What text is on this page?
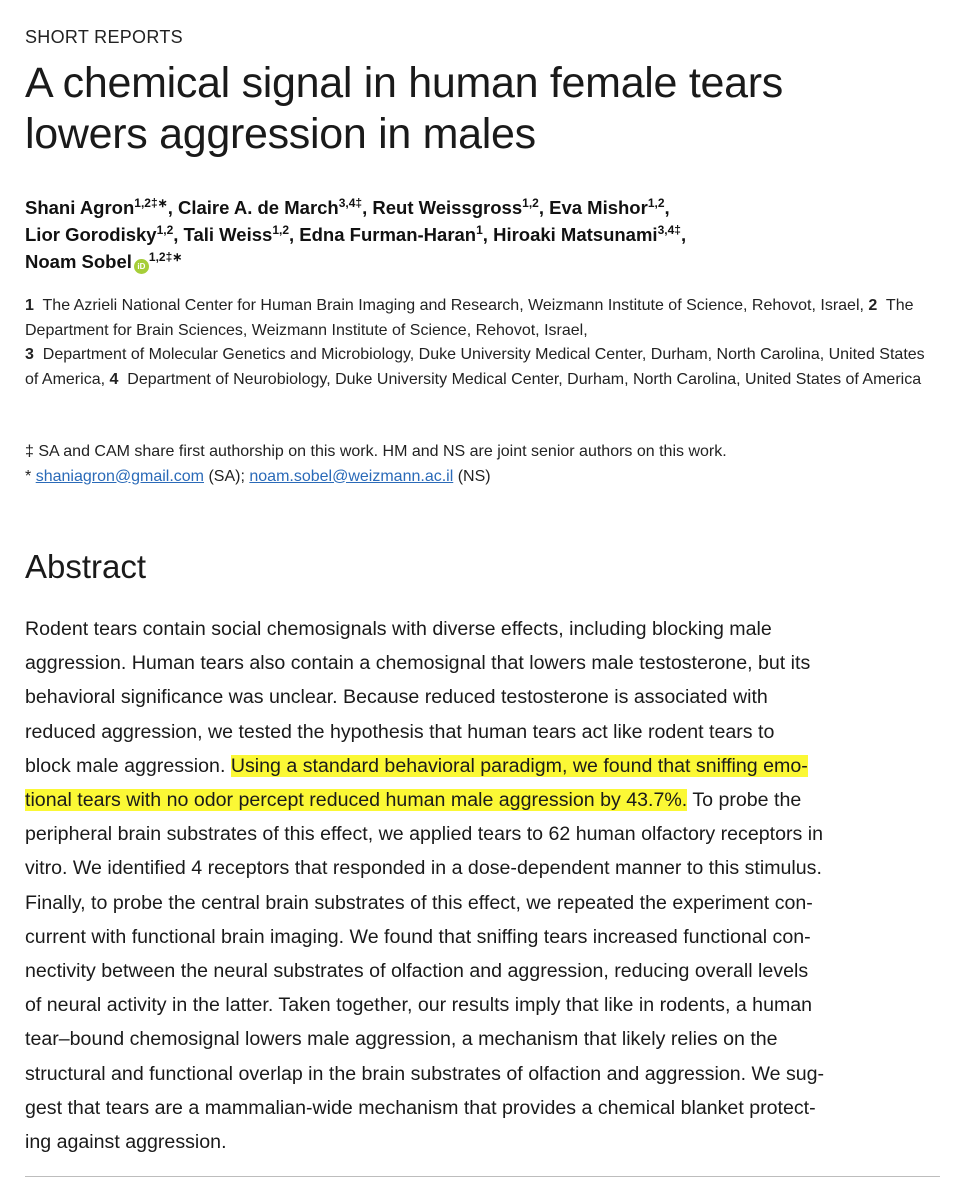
SHORT REPORTS
A chemical signal in human female tears
lowers aggression in males
Shani Agron$^{1,2\ddagger∗}$, Claire A. de March$^{3,4\ddagger}$, Reut Weissgross$^{1,2}$, Eva Mishor$^{1,2}$,
Lior Gorodisky$^{1,2}$, Tali Weiss$^{1,2}$, Edna Furman-Haran$^1$, Hiroaki Matsunami$^{3,4\ddagger}$,
Noam Sobel $iD^{1,2\ddagger∗}$
1 The Azrieli National Center for Human Brain Imaging and Research, Weizmann Institute of Science, Rehovot, Israel, 2 The Department for Brain Sciences, Weizmann Institute of Science, Rehovot, Israel,
3 Department of Molecular Genetics and Microbiology, Duke University Medical Center, Durham, North Carolina, United States of America, 4 Department of Neurobiology, Duke University Medical Center, Durham, North Carolina, United States of America
‡ SA and CAM share first authorship on this work. HM and NS are joint senior authors on this work.
* shaniagron@gmail.com (SA); noam.sobel@weizmann.ac.il (NS)
Abstract
Rodent tears contain social chemosignals with diverse effects, including blocking male
aggression. Human tears also contain a chemosignal that lowers male testosterone, but its
behavioral significance was unclear. Because reduced testosterone is associated with
reduced aggression, we tested the hypothesis that human tears act like rodent tears to
block male aggression. Using a standard behavioral paradigm, we found that sniffing emo-
tional tears with no odor percept reduced human male aggression by 43.7%. To probe the
peripheral brain substrates of this effect, we applied tears to 62 human olfactory receptors in
vitro. We identified 4 receptors that responded in a dose-dependent manner to this stimulus.
Finally, to probe the central brain substrates of this effect, we repeated the experiment con-
current with functional brain imaging. We found that sniffing tears increased functional con-
nectivity between the neural substrates of olfaction and aggression, reducing overall levels
of neural activity in the latter. Taken together, our results imply that like in rodents, a human
tear–bound chemosignal lowers male aggression, a mechanism that likely relies on the
structural and functional overlap in the brain substrates of olfaction and aggression. We sug-
gest that tears are a mammalian-wide mechanism that provides a chemical blanket protect-
ing against aggression.
